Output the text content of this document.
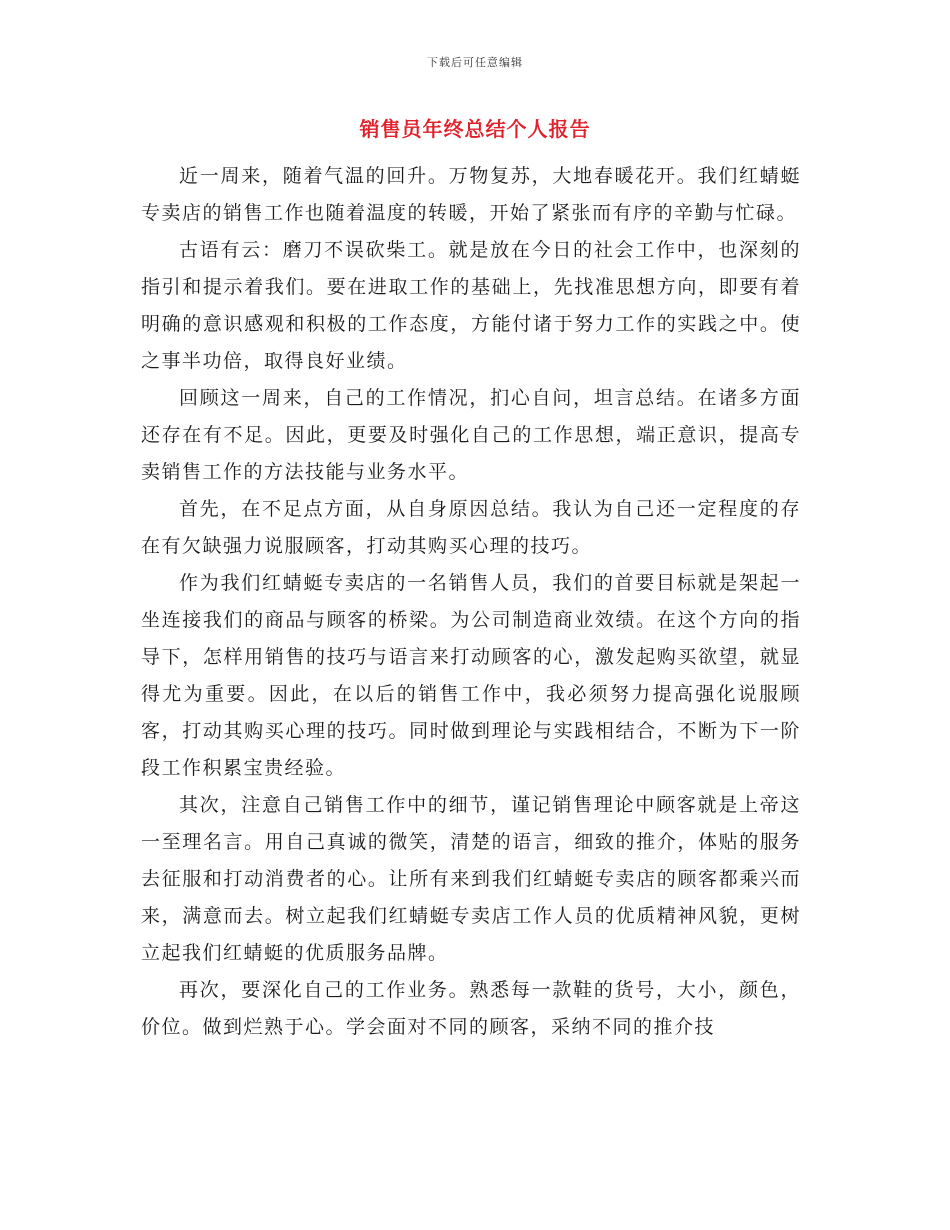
下载后可任意编辑
销售员年终总结个人报告

近一周来，随着气温的回升。万物复苏，大地春暖花开。我们红蜻蜓专卖店的销售工作也随着温度的转暖，开始了紧张而有序的辛勤与忙碌。

古语有云：磨刀不误砍柴工。就是放在今日的社会工作中，也深刻的指引和提示着我们。要在进取工作的基础上，先找准思想方向，即要有着明确的意识感观和积极的工作态度，方能付诸于努力工作的实践之中。使之事半功倍，取得良好业绩。

回顾这一周来，自己的工作情况，扪心自问，坦言总结。在诸多方面还存在有不足。因此，更要及时强化自己的工作思想，端正意识，提高专卖销售工作的方法技能与业务水平。

首先，在不足点方面，从自身原因总结。我认为自己还一定程度的存在有欠缺强力说服顾客，打动其购买心理的技巧。

作为我们红蜻蜓专卖店的一名销售人员，我们的首要目标就是架起一坐连接我们的商品与顾客的桥梁。为公司制造商业效绩。在这个方向的指导下，怎样用销售的技巧与语言来打动顾客的心，激发起购买欲望，就显得尤为重要。因此，在以后的销售工作中，我必须努力提高强化说服顾客，打动其购买心理的技巧。同时做到理论与实践相结合，不断为下一阶段工作积累宝贵经验。

其次，注意自己销售工作中的细节，谨记销售理论中顾客就是上帝这一至理名言。用自己真诚的微笑，清楚的语言，细致的推介，体贴的服务去征服和打动消费者的心。让所有来到我们红蜻蜓专卖店的顾客都乘兴而来，满意而去。树立起我们红蜻蜓专卖店工作人员的优质精神风貌，更树立起我们红蜻蜓的优质服务品牌。

再次，要深化自己的工作业务。熟悉每一款鞋的货号，大小，颜色，价位。做到烂熟于心。学会面对不同的顾客，采纳不同的推介技
